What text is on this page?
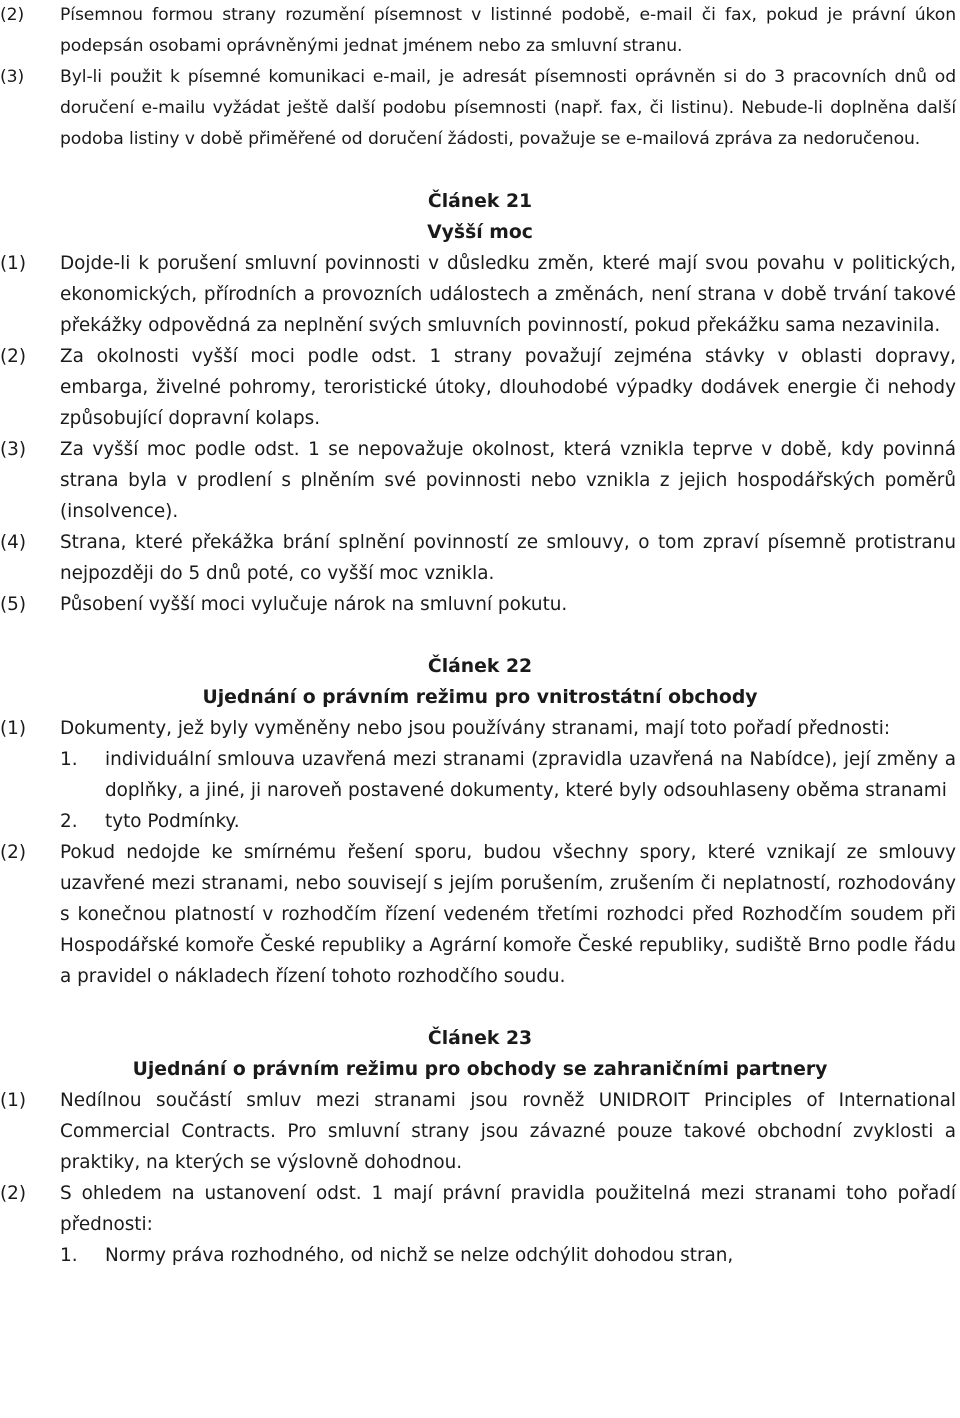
(2) Písemnou formou strany rozumění písemnost v listinné podobě, e-mail či fax, pokud je právní úkon podepsán osobami oprávněnými jednat jménem nebo za smluvní stranu.

(3) Byl-li použit k písemné komunikaci e-mail, je adresát písemnosti oprávněn si do 3 pracovních dnů od doručení e-mailu vyžádat ještě další podobu písemnosti (např. fax, či listinu). Nebude-li doplněna další podoba listiny v době přiměřené od doručení žádosti, považuje se e-mailová zpráva za nedoručenou.

Článek 21

Vyšší moc

(1) Dojde-li k porušení smluvní povinnosti v důsledku změn, které mají svou povahu v politických, ekonomických, přírodních a provozních událostech a změnách, není strana v době trvání takové překážky odpovědná za neplnění svých smluvních povinností, pokud překážku sama nezavinila.

(2) Za okolnosti vyšší moci podle odst. 1 strany považují zejména stávky v oblasti dopravy, embarga, živelné pohromy, teroristické útoky, dlouhodobé výpadky dodávek energie či nehody způsobující dopravní kolaps.

(3) Za vyšší moc podle odst. 1 se nepovažuje okolnost, která vznikla teprve v době, kdy povinná strana byla v prodlení s plněním své povinnosti nebo vznikla z jejich hospodářských poměrů (insolvence).

(4) Strana, které překážka brání splnění povinností ze smlouvy, o tom zpraví písemně protistranu nejpozději do 5 dnů poté, co vyšší moc vznikla.

(5) Působení vyšší moci vylučuje nárok na smluvní pokutu.

Článek 22

Ujednání o právním režimu pro vnitrostátní obchody

(1) Dokumenty, jež byly vyměněny nebo jsou používány stranami, mají toto pořadí přednosti:

1. individuální smlouva uzavřená mezi stranami (zpravidla uzavřená na Nabídce), její změny a doplňky, a jiné, ji naroveň postavené dokumenty, které byly odsouhlaseny oběma stranami

2. tyto Podmínky.

(2) Pokud nedojde ke smírnému řešení sporu, budou všechny spory, které vznikají ze smlouvy uzavřené mezi stranami, nebo souvisejí s jejím porušením, zrušením či neplatností, rozhodovány s konečnou platností v rozhodčím řízení vedeném třetími rozhodci před Rozhodčím soudem při Hospodářské komoře České republiky a Agrární komoře České republiky, sudiště Brno podle řádu a pravidel o nákladech řízení tohoto rozhodčího soudu.

Článek 23

Ujednání o právním režimu pro obchody se zahraničními partnery

(1) Nedílnou součástí smluv mezi stranami jsou rovněž UNIDROIT Principles of International Commercial Contracts. Pro smluvní strany jsou závazné pouze takové obchodní zvyklosti a praktiky, na kterých se výslovně dohodnou.

(2) S ohledem na ustanovení odst. 1 mají právní pravidla použitelná mezi stranami toho pořadí přednosti:

1. Normy práva rozhodného, od nichž se nelze odchýlit dohodou stran,
